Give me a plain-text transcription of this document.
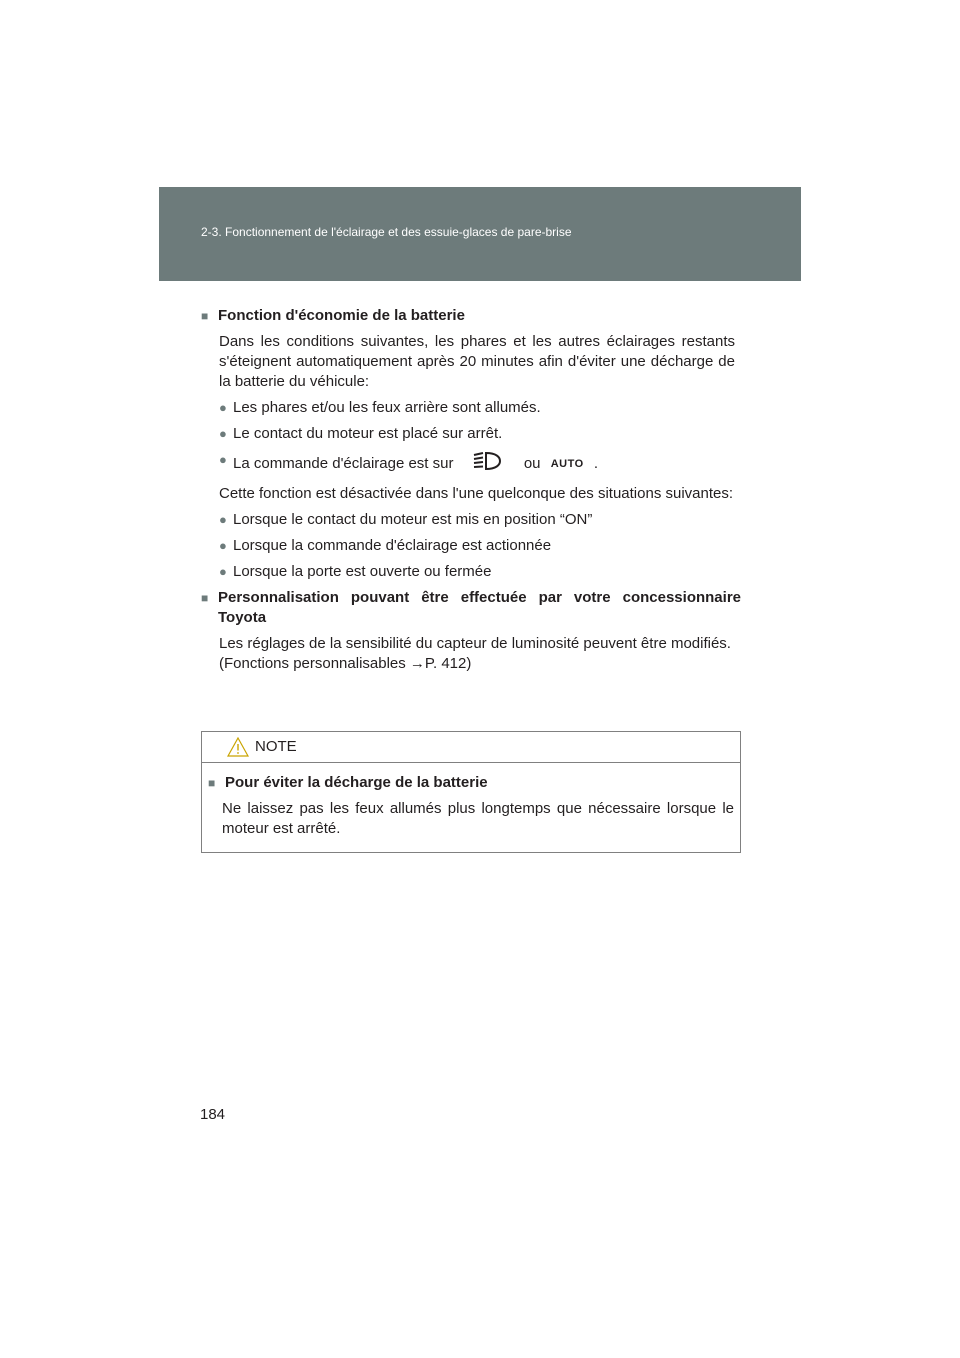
2-3. Fonctionnement de l'éclairage et des essuie-glaces de pare-brise
■ Fonction d'économie de la batterie
Dans les conditions suivantes, les phares et les autres éclairages restants s'éteignent automatiquement après 20 minutes afin d'éviter une décharge de la batterie du véhicule:
● Les phares et/ou les feux arrière sont allumés.
● Le contact du moteur est placé sur arrêt.
● La commande d'éclairage est sur	ou AUTO .
Cette fonction est désactivée dans l'une quelconque des situations suivantes:
● Lorsque le contact du moteur est mis en position “ON”
● Lorsque la commande d'éclairage est actionnée
● Lorsque la porte est ouverte ou fermée
■ Personnalisation pouvant être effectuée par votre concessionnaire Toyota
Les réglages de la sensibilité du capteur de luminosité peuvent être modifiés.
(Fonctions personnalisables →P. 412)
NOTE
■ Pour éviter la décharge de la batterie
Ne laissez pas les feux allumés plus longtemps que nécessaire lorsque le moteur est arrêté.
184
